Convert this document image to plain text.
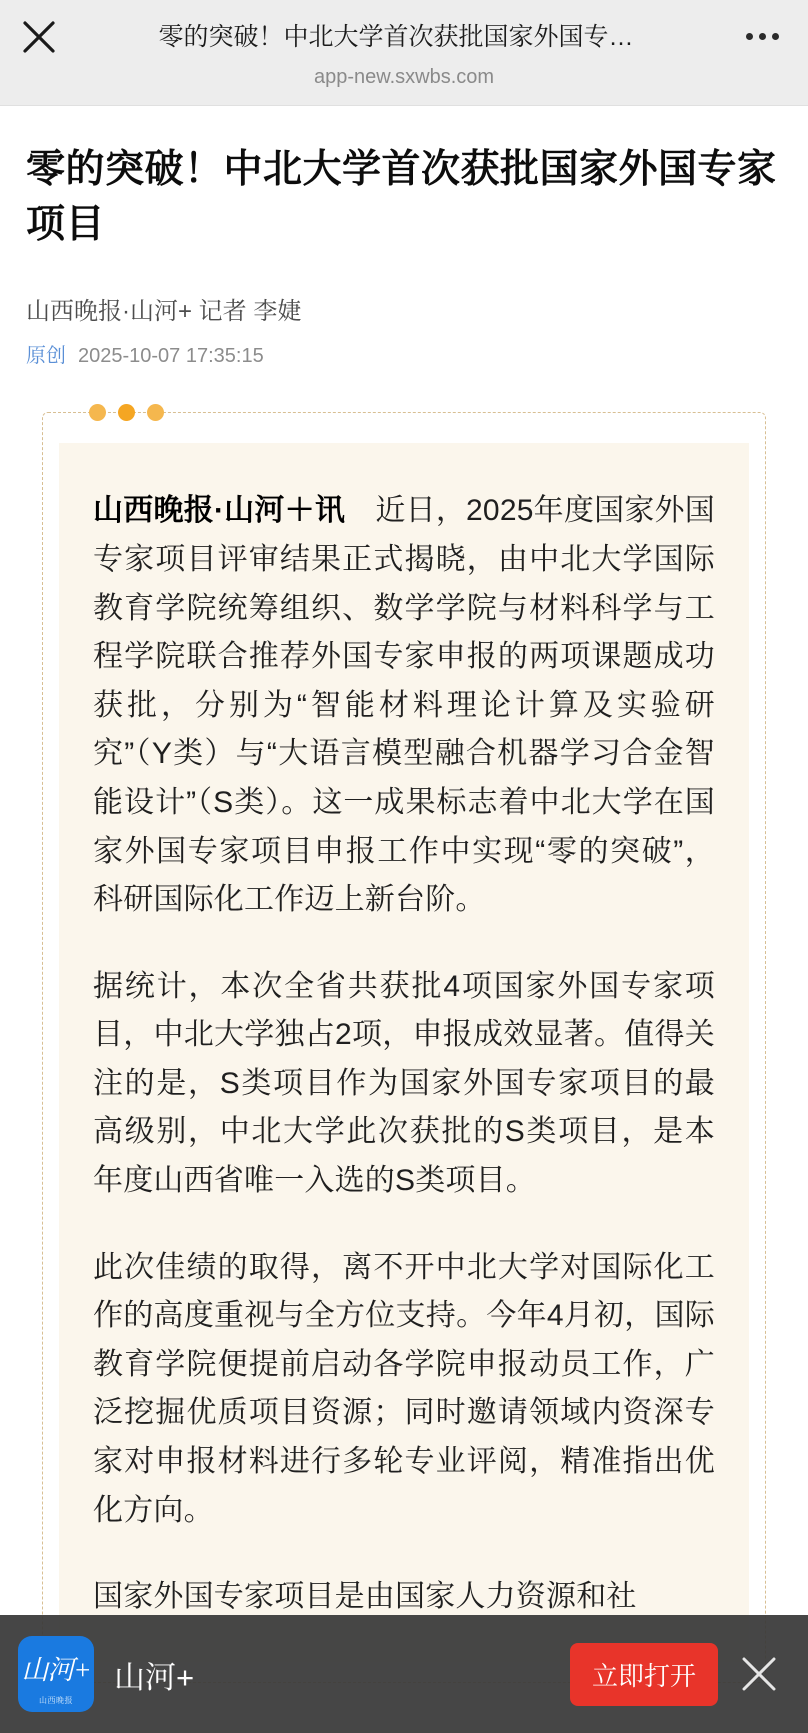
零的突破！中北大学首次获批国家外国专…
app-new.sxwbs.com
零的突破！中北大学首次获批国家外国专家项目
山西晚报·山河+ 记者 李婕
原创 2025-10-07 17:35:15

山西晚报·山河＋讯　近日，2025年度国家外国专家项目评审结果正式揭晓，由中北大学国际教育学院统筹组织、数学学院与材料科学与工程学院联合推荐外国专家申报的两项课题成功获批，分别为“智能材料理论计算及实验研究”（Y类）与“大语言模型融合机器学习合金智能设计”（S类）。这一成果标志着中北大学在国家外国专家项目申报工作中实现“零的突破”，科研国际化工作迈上新台阶。

据统计，本次全省共获批4项国家外国专家项目，中北大学独占2项，申报成效显著。值得关注的是，S类项目作为国家外国专家项目的最高级别，中北大学此次获批的S类项目，是本年度山西省唯一入选的S类项目。

此次佳绩的取得，离不开中北大学对国际化工作的高度重视与全方位支持。今年4月初，国际教育学院便提前启动各学院申报动员工作，广泛挖掘优质项目资源；同时邀请领域内资深专家对申报材料进行多轮专业评阅，精准指出优化方向。

国家外国专家项目是由国家人力资源和社

山河+
山西晚报
山河+	立即打开
